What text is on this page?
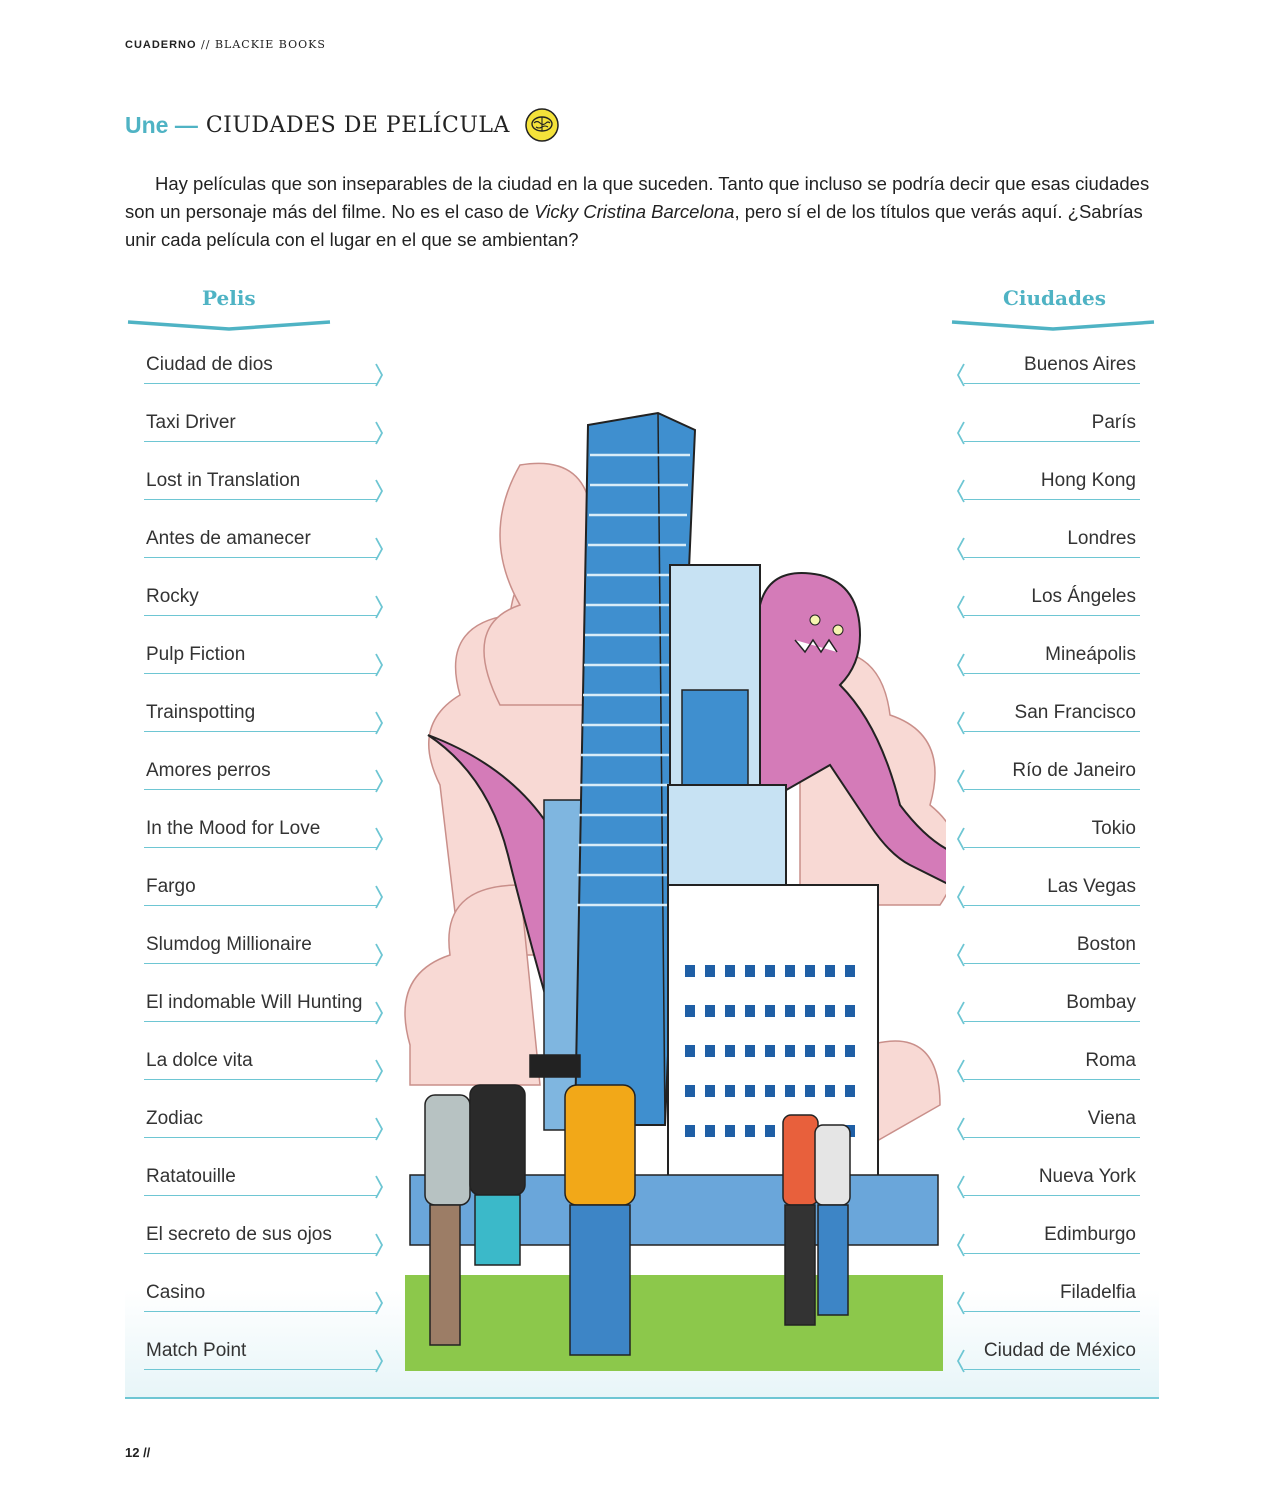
CUADERNO // BLACKIE BOOKS
Une — CIUDADES DE PELÍCULA

Hay películas que son inseparables de la ciudad en la que suceden. Tanto que incluso se podría decir que esas ciudades son un personaje más del filme. No es el caso de Vicky Cristina Barcelona, pero sí el de los títulos que verás aquí. ¿Sabrías unir cada película con el lugar en el que se ambientan?

Pelis	Ciudades
Ciudad de dios
Taxi Driver
Lost in Translation
Antes de amanecer
Rocky
Pulp Fiction
Trainspotting
Amores perros
In the Mood for Love
Fargo
Slumdog Millionaire
El indomable Will Hunting
La dolce vita
Zodiac
Ratatouille
El secreto de sus ojos
Casino
Match Point
Buenos Aires
París
Hong Kong
Londres
Los Ángeles
Mineápolis
San Francisco
Río de Janeiro
Tokio
Las Vegas
Boston
Bombay
Roma
Viena
Nueva York
Edimburgo
Filadelfia
Ciudad de México
12 //
